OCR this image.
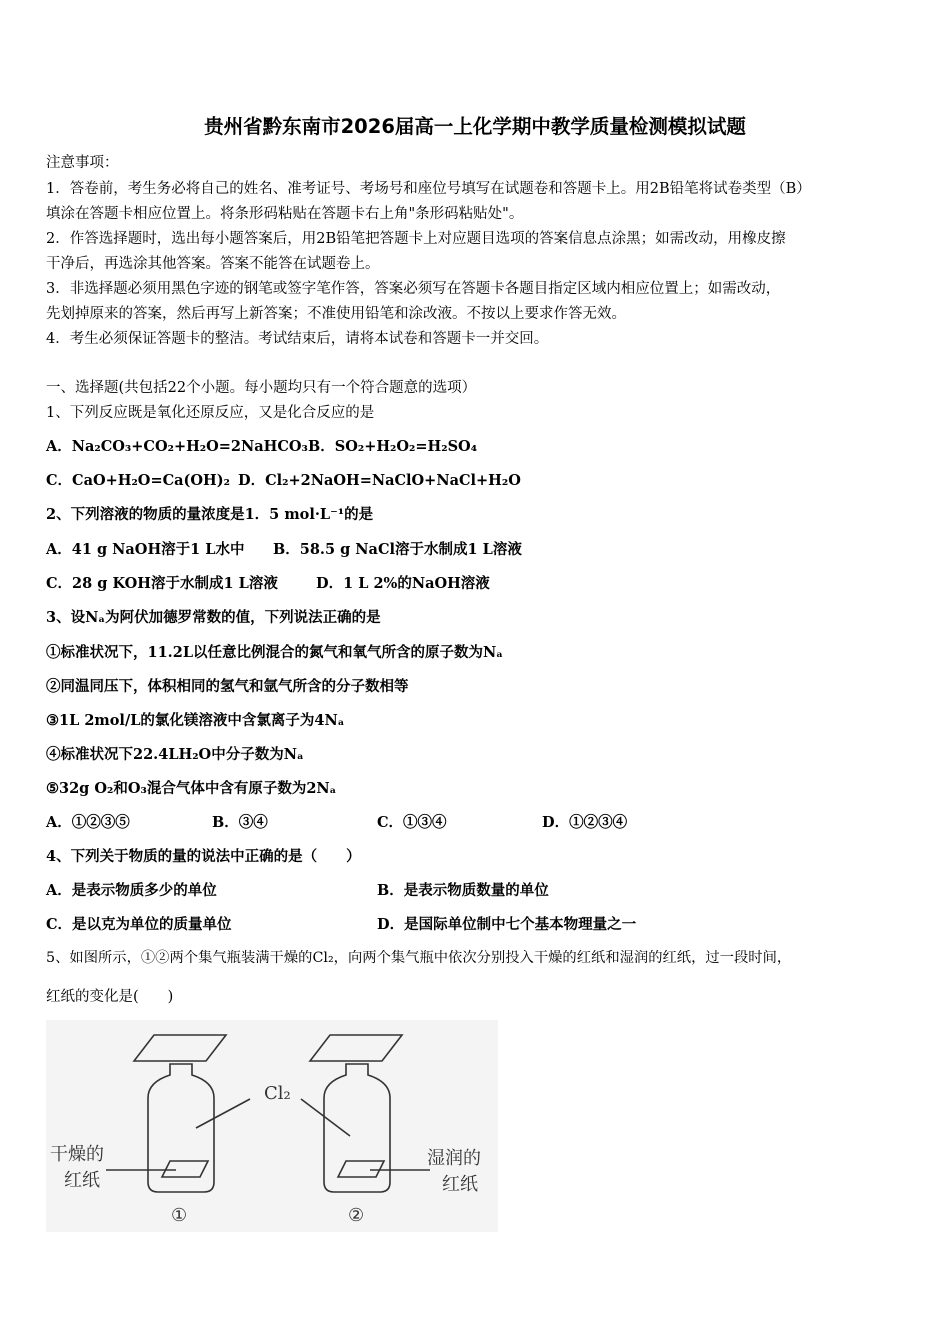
贵州省黔东南市2026届高一上化学期中教学质量检测模拟试题
注意事项：
1．答卷前，考生务必将自己的姓名、准考证号、考场号和座位号填写在试题卷和答题卡上。用2B铅笔将试卷类型（B）
填涂在答题卡相应位置上。将条形码粘贴在答题卡右上角"条形码粘贴处"。
2．作答选择题时，选出每小题答案后，用2B铅笔把答题卡上对应题目选项的答案信息点涂黑；如需改动，用橡皮擦
干净后，再选涂其他答案。答案不能答在试题卷上。
3．非选择题必须用黑色字迹的钢笔或签字笔作答，答案必须写在答题卡各题目指定区域内相应位置上；如需改动，
先划掉原来的答案，然后再写上新答案；不准使用铅笔和涂改液。不按以上要求作答无效。
4．考生必须保证答题卡的整洁。考试结束后，请将本试卷和答题卡一并交回。
一、选择题(共包括22个小题。每小题均只有一个符合题意的选项）
1、下列反应既是氧化还原反应，又是化合反应的是
A．Na₂CO₃+CO₂+H₂O=2NaHCO₃ B．SO₂+H₂O₂=H₂SO₄
C．CaO+H₂O=Ca(OH)₂ D．Cl₂+2NaOH=NaClO+NaCl+H₂O
2、下列溶液的物质的量浓度是1．5 mol·L⁻¹的是
A．41 g NaOH溶于1 L水中 B．58.5 g NaCl溶于水制成1 L溶液
C．28 g KOH溶于水制成1 L溶液	D．1 L 2%的NaOH溶液
3、设Nₐ为阿伏加德罗常数的值，下列说法正确的是
①标准状况下，11.2L以任意比例混合的氮气和氧气所含的原子数为Nₐ
②同温同压下，体积相同的氢气和氩气所含的分子数相等
③1L 2mol/L的氯化镁溶液中含氯离子为4Nₐ
④标准状况下22.4LH₂O中分子数为Nₐ
⑤32g O₂和O₃混合气体中含有原子数为2Nₐ
A．①②③⑤	B．③④	C．①③④	D．①②③④
4、下列关于物质的量的说法中正确的是（　　）
A．是表示物质多少的单位	B．是表示物质数量的单位
C．是以克为单位的质量单位	D．是国际单位制中七个基本物理量之一
5、如图所示，①②两个集气瓶装满干燥的Cl₂，向两个集气瓶中依次分别投入干燥的红纸和湿润的红纸，过一段时间，
红纸的变化是(　　)
Cl₂
干燥的
红纸
湿润的
红纸
①	②
